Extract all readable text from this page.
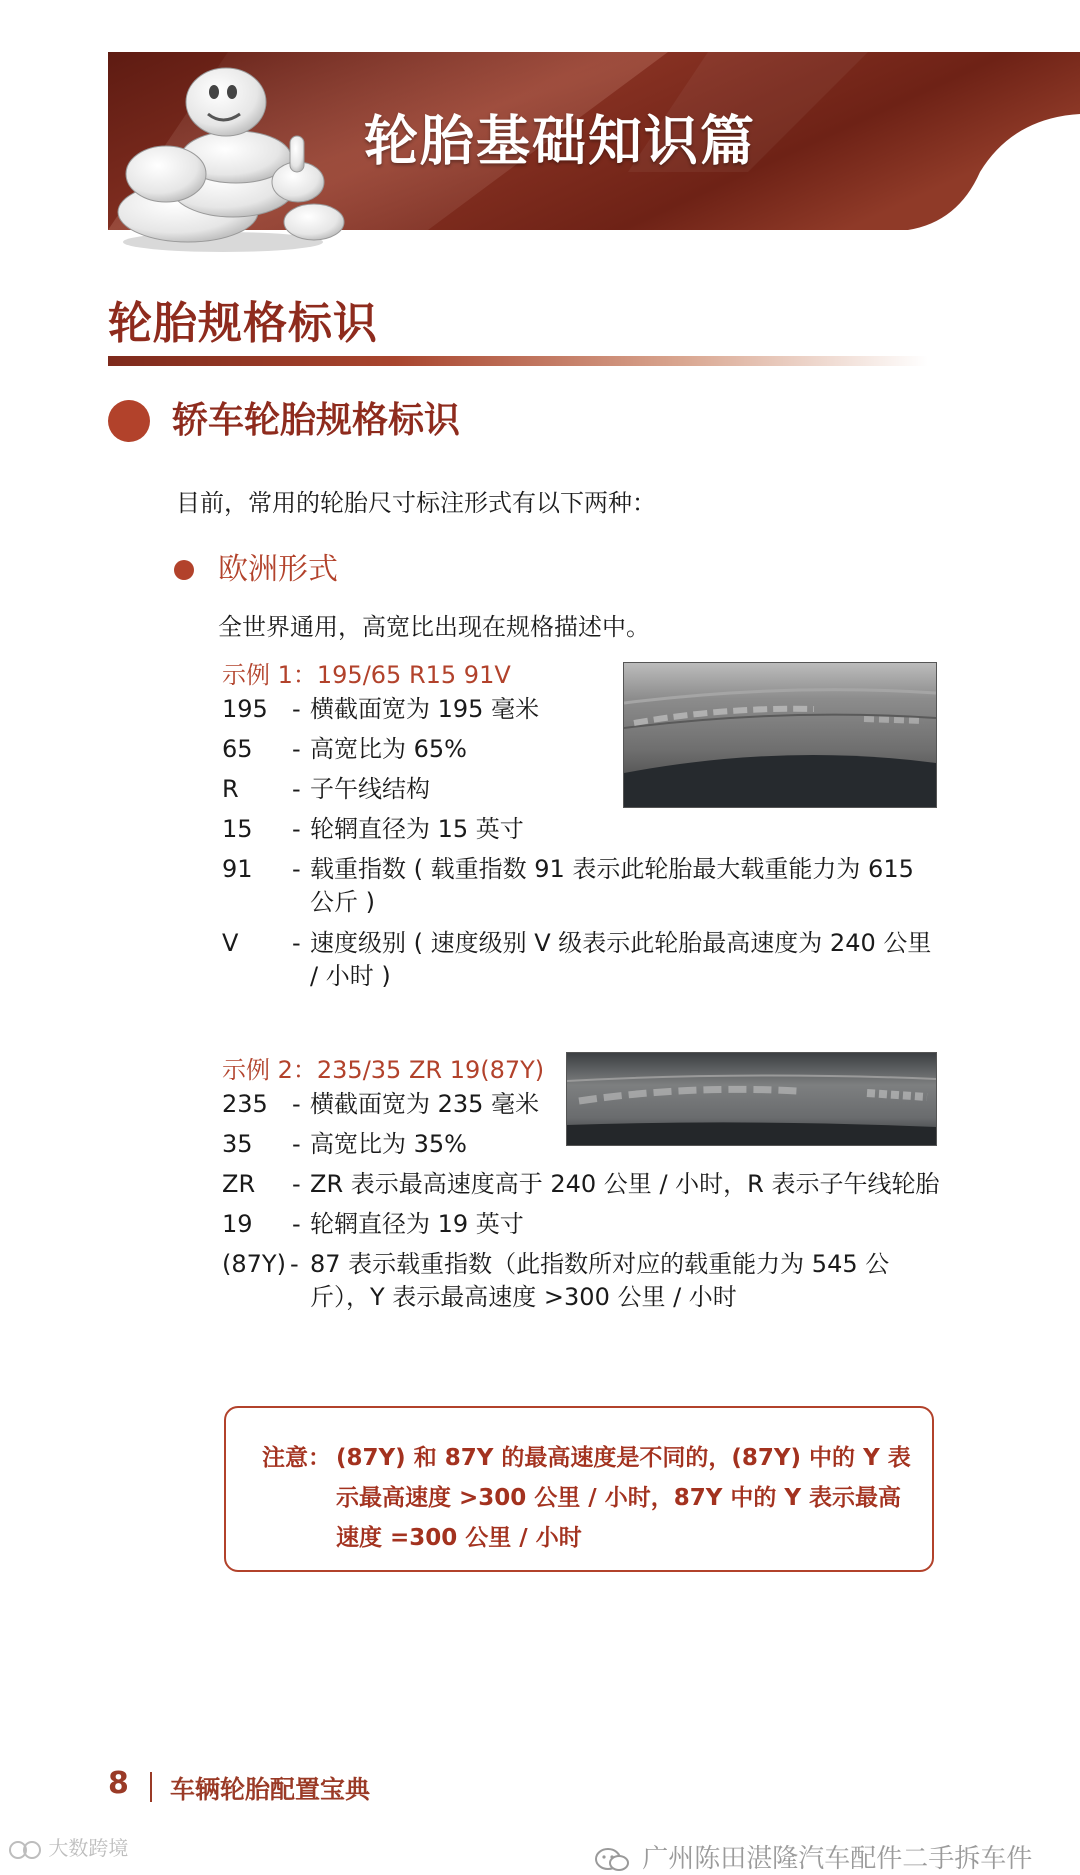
轮胎基础知识篇
轮胎规格标识
轿车轮胎规格标识
目前，常用的轮胎尺寸标注形式有以下两种：
欧洲形式
全世界通用，高宽比出现在规格描述中。
示例 1：195/65 R15 91V
195 - 横截面宽为 195 毫米
65 - 高宽比为 65%
R - 子午线结构
15 - 轮辋直径为 15 英寸
91 - 载重指数 ( 载重指数 91 表示此轮胎最大载重能力为 615 公斤 )
V - 速度级别 ( 速度级别 V 级表示此轮胎最高速度为 240 公里 / 小时 )
示例 2：235/35 ZR 19(87Y)
235 - 横截面宽为 235 毫米
35 - 高宽比为 35%
ZR - ZR 表示最高速度高于 240 公里 / 小时，R 表示子午线轮胎
19 - 轮辋直径为 19 英寸
(87Y) - 87 表示载重指数（此指数所对应的载重能力为 545 公斤），Y 表示最高速度 >300 公里 / 小时
注意： (87Y) 和 87Y 的最高速度是不同的，(87Y) 中的 Y 表
示最高速度 >300 公里 / 小时，87Y 中的 Y 表示最高
速度 =300 公里 / 小时
8 车辆轮胎配置宝典
大数跨境	广州陈田湛隆汽车配件二手拆车件
